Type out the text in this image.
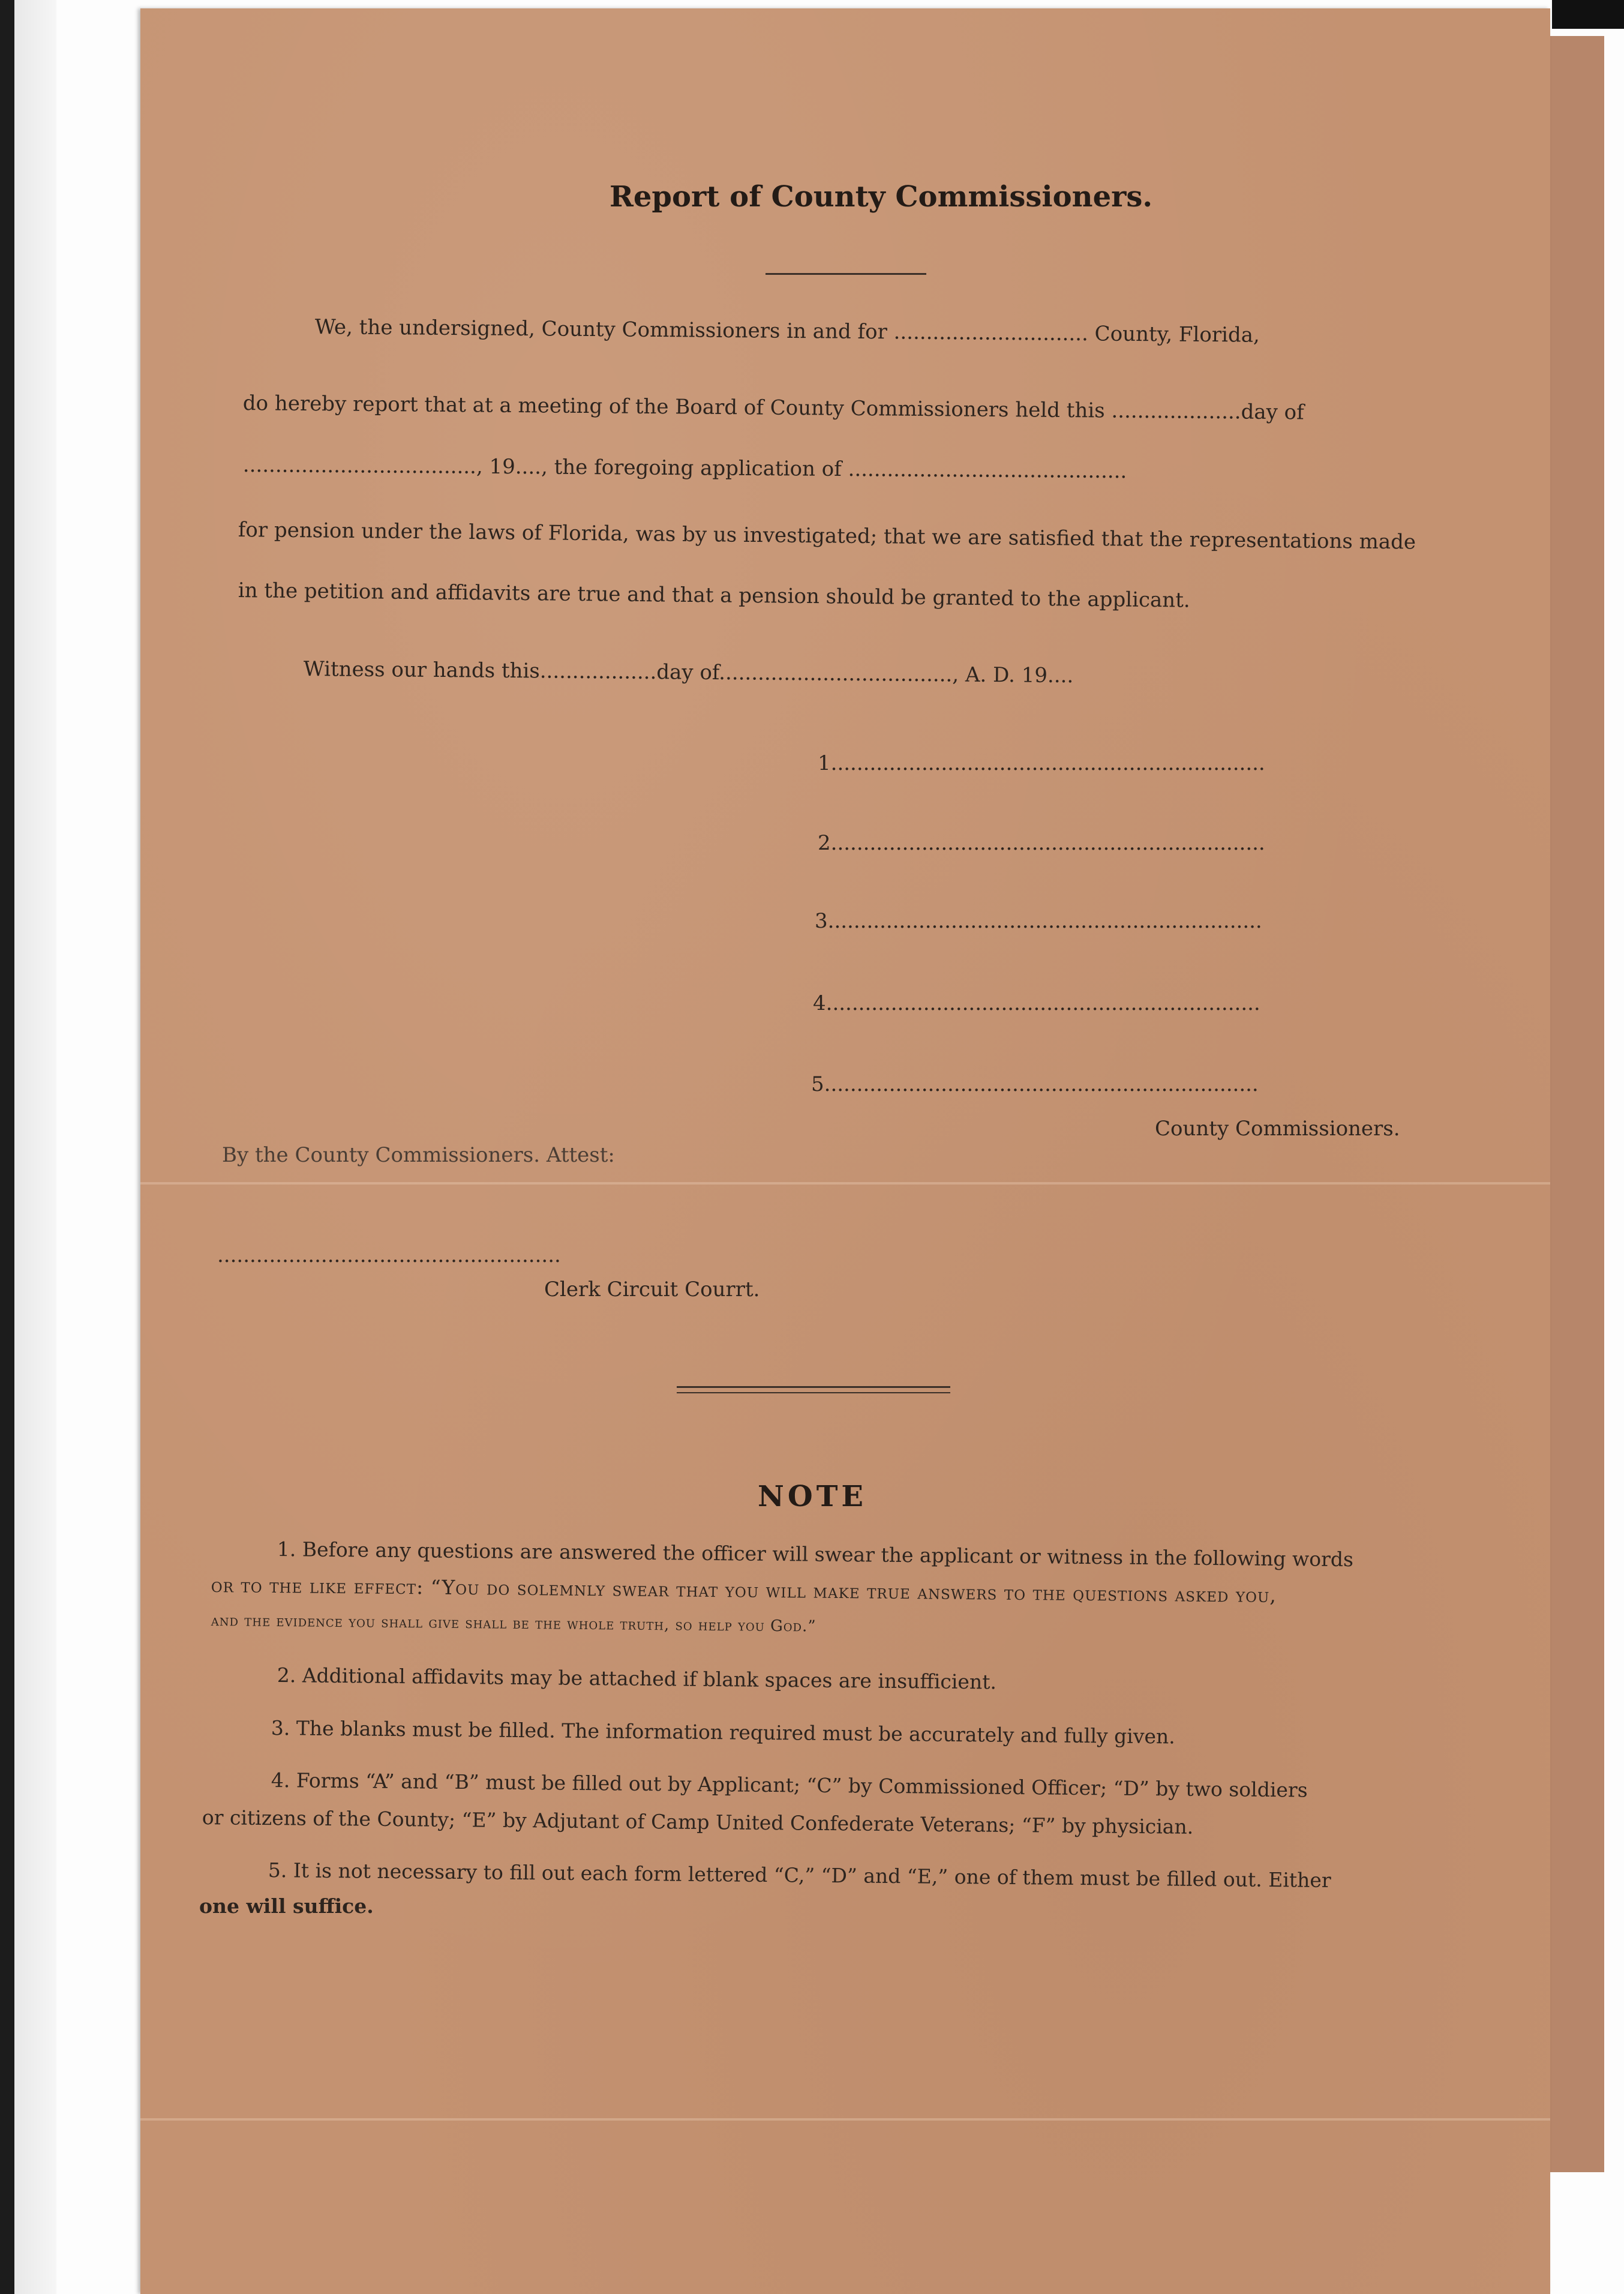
Report of County Commissioners.
We, the undersigned, County Commissioners in and for .............................. County, Florida,
do hereby report that at a meeting of the Board of County Commissioners held this ....................day of
...................................., 19...., the foregoing application of ...........................................
for pension under the laws of Florida, was by us investigated; that we are satisfied that the representations made
in the petition and affidavits are true and that a pension should be granted to the applicant.
Witness our hands this..................day of...................................., A. D. 19....
1...................................................................
2...................................................................
3...................................................................
4...................................................................
5...................................................................
County Commissioners.
By the County Commissioners. Attest:
.....................................................
Clerk Circuit Courrt.
NOTE
1. Before any questions are answered the officer will swear the applicant or witness in the following words
or to the like effect: “You do solemnly swear that you will make true answers to the questions asked you,
and the evidence you shall give shall be the whole truth, so help you God.”
2. Additional affidavits may be attached if blank spaces are insufficient.
3. The blanks must be filled. The information required must be accurately and fully given.
4. Forms “A” and “B” must be filled out by Applicant; “C” by Commissioned Officer; “D” by two soldiers
or citizens of the County; “E” by Adjutant of Camp United Confederate Veterans; “F” by physician.
5. It is not necessary to fill out each form lettered “C,” “D” and “E,” one of them must be filled out. Either
one will suffice.
